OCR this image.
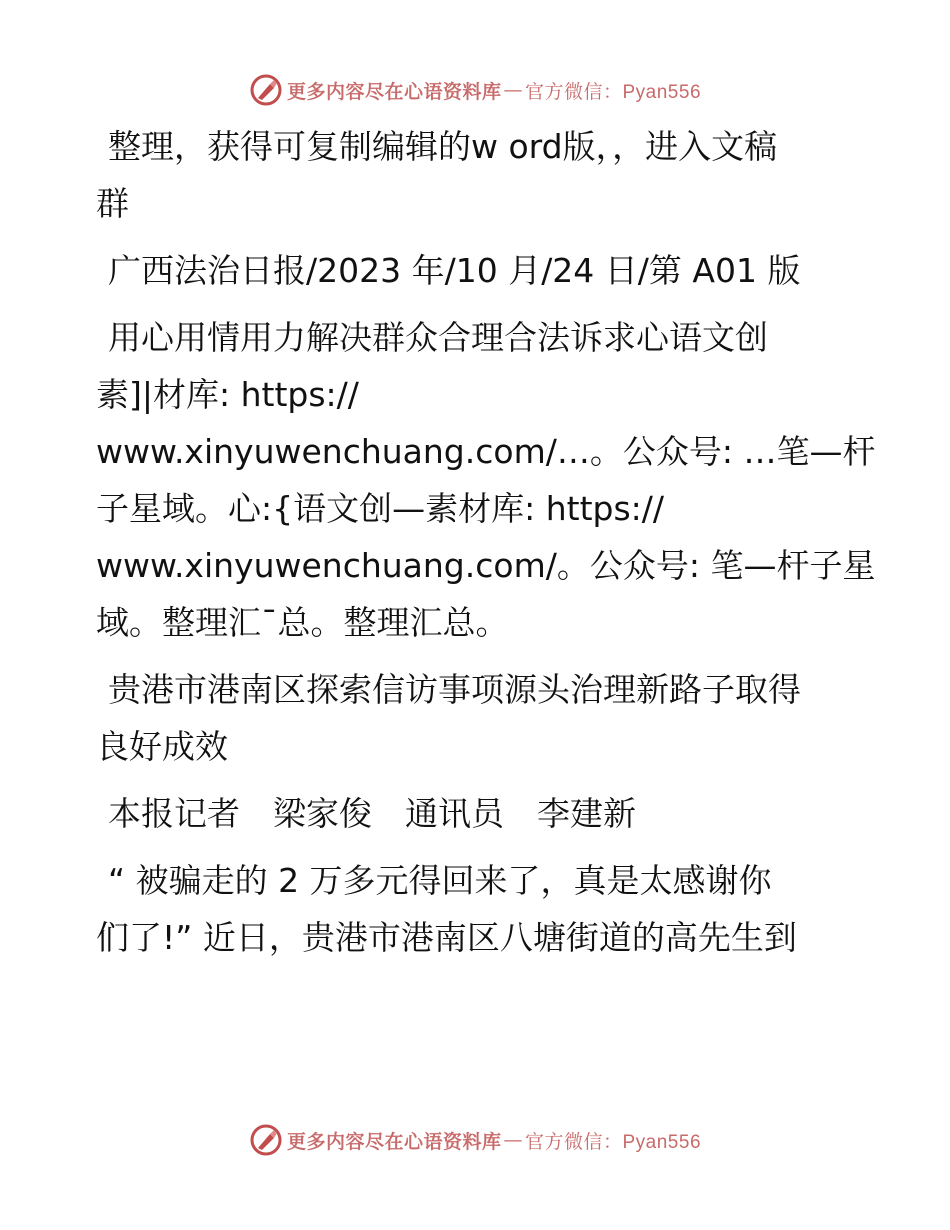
更多内容尽在心语资料库 — 官方微信：Pyan556
整理，获得可复制编辑的w ord版，，进入文稿
群
广西法治日报/2023 年/10 月/24 日/第 A01 版
用心用情用力解决群众合理合法诉求心语文创
素]|材库: https://
www.xinyuwenchuang.com/…。公众号: …笔—杆
子星域。心:{语文创—素材库: https://
www.xinyuwenchuang.com/。公众号: 笔—杆子星
域。整理汇¯总。整理汇总。
贵港市港南区探索信访事项源头治理新路子取得
良好成效
本报记者　梁家俊　通讯员　李建新
“ 被骗走的 2 万多元得回来了，真是太感谢你
们了!” 近日，贵港市港南区八塘街道的高先生到
更多内容尽在心语资料库 — 官方微信：Pyan556
